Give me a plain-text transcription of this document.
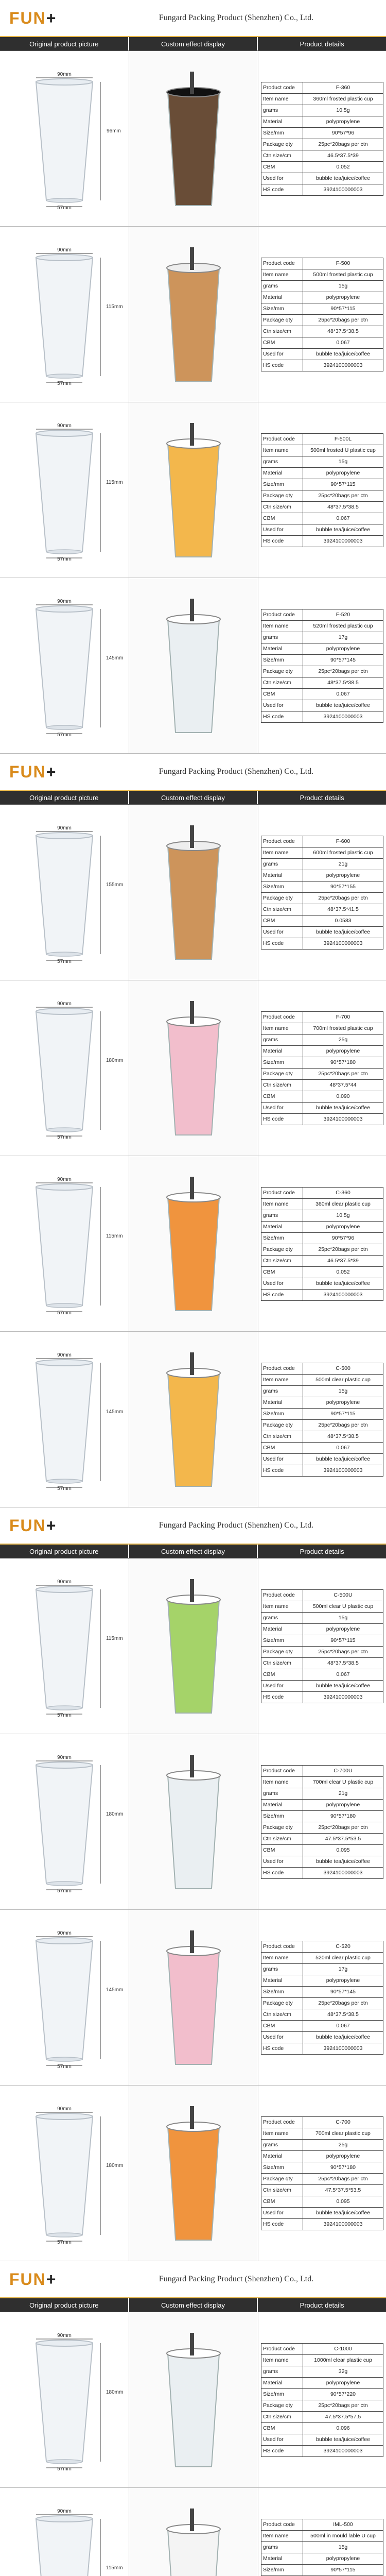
FUN+	Fungard Packing Product (Shenzhen) Co., Ltd.
Original product picture	Custom effect display	Product details
90mm
96mm
57mm
Product code	F-360
Item name	360ml frosted plastic cup
grams	10.5g
Material	polypropylene
Size/mm	90*57*96
Package qty	25pc*20bags per ctn
Ctn size/cm	46.5*37.5*39
CBM	0.052
Used for	bubble tea/juice/coffee
HS code	3924100000003
90mm
115mm
57mm
Product code	F-500
Item name	500ml frosted plastic cup
grams	15g
Material	polypropylene
Size/mm	90*57*115
Package qty	25pc*20bags per ctn
Ctn size/cm	48*37.5*38.5
CBM	0.067
Used for	bubble tea/juice/coffee
HS code	3924100000003
90mm
115mm
57mm
Product code	F-500L
Item name	500ml frosted U plastic cup
grams	15g
Material	polypropylene
Size/mm	90*57*115
Package qty	25pc*20bags per ctn
Ctn size/cm	48*37.5*38.5
CBM	0.067
Used for	bubble tea/juice/coffee
HS code	3924100000003
90mm
145mm
57mm
Product code	F-520
Item name	520ml frosted plastic cup
grams	17g
Material	polypropylene
Size/mm	90*57*145
Package qty	25pc*20bags per ctn
Ctn size/cm	48*37.5*38.5
CBM	0.067
Used for	bubble tea/juice/coffee
HS code	3924100000003
FUN+	Fungard Packing Product (Shenzhen) Co., Ltd.
Original product picture	Custom effect display	Product details
90mm
155mm
57mm
Product code	F-600
Item name	600ml frosted plastic cup
grams	21g
Material	polypropylene
Size/mm	90*57*155
Package qty	25pc*20bags per ctn
Ctn size/cm	48*37.5*41.5
CBM	0.0583
Used for	bubble tea/juice/coffee
HS code	3924100000003
90mm
180mm
57mm
Product code	F-700
Item name	700ml frosted plastic cup
grams	25g
Material	polypropylene
Size/mm	90*57*180
Package qty	25pc*20bags per ctn
Ctn size/cm	48*37.5*44
CBM	0.090
Used for	bubble tea/juice/coffee
HS code	3924100000003
90mm
115mm
57mm
Product code	C-360
Item name	360ml clear plastic cup
grams	10.5g
Material	polypropylene
Size/mm	90*57*96
Package qty	25pc*20bags per ctn
Ctn size/cm	46.5*37.5*39
CBM	0.052
Used for	bubble tea/juice/coffee
HS code	3924100000003
90mm
145mm
57mm
Product code	C-500
Item name	500ml clear plastic cup
grams	15g
Material	polypropylene
Size/mm	90*57*115
Package qty	25pc*20bags per ctn
Ctn size/cm	48*37.5*38.5
CBM	0.067
Used for	bubble tea/juice/coffee
HS code	3924100000003
FUN+	Fungard Packing Product (Shenzhen) Co., Ltd.
Original product picture	Custom effect display	Product details
90mm
115mm
57mm
Product code	C-500U
Item name	500ml clear U plastic cup
grams	15g
Material	polypropylene
Size/mm	90*57*115
Package qty	25pc*20bags per ctn
Ctn size/cm	48*37.5*38.5
CBM	0.067
Used for	bubble tea/juice/coffee
HS code	3924100000003
90mm
180mm
57mm
Product code	C-700U
Item name	700ml clear U plastic cup
grams	21g
Material	polypropylene
Size/mm	90*57*180
Package qty	25pc*20bags per ctn
Ctn size/cm	47.5*37.5*53.5
CBM	0.095
Used for	bubble tea/juice/coffee
HS code	3924100000003
90mm
145mm
57mm
Product code	C-520
Item name	520ml clear plastic cup
grams	17g
Material	polypropylene
Size/mm	90*57*145
Package qty	25pc*20bags per ctn
Ctn size/cm	48*37.5*38.5
CBM	0.067
Used for	bubble tea/juice/coffee
HS code	3924100000003
90mm
180mm
57mm
Product code	C-700
Item name	700ml clear plastic cup
grams	25g
Material	polypropylene
Size/mm	90*57*180
Package qty	25pc*20bags per ctn
Ctn size/cm	47.5*37.5*53.5
CBM	0.095
Used for	bubble tea/juice/coffee
HS code	3924100000003
FUN+	Fungard Packing Product (Shenzhen) Co., Ltd.
Original product picture	Custom effect display	Product details
90mm
180mm
57mm
Product code	C-1000
Item name	1000ml clear plastic cup
grams	32g
Material	polypropylene
Size/mm	90*57*220
Package qty	25pc*20bags per ctn
Ctn size/cm	47.5*37.5*57.5
CBM	0.096
Used for	bubble tea/juice/coffee
HS code	3924100000003
90mm
115mm
Product code	IML-500
Item name	500ml in mould lable U cup
grams	15g
Material	polypropylene
Size/mm	90*57*115
